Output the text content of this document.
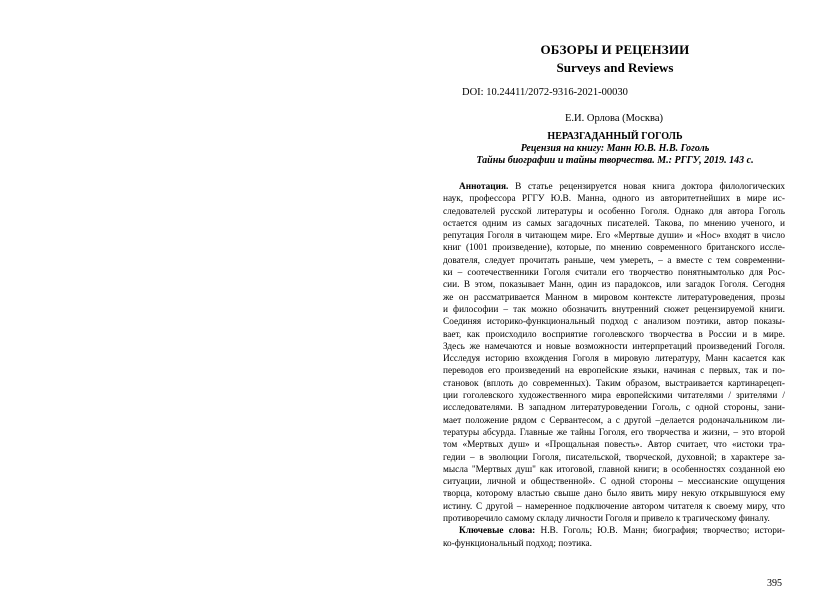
ОБЗОРЫ И РЕЦЕНЗИИ
Surveys and Reviews
DOI: 10.24411/2072-9316-2021-00030
Е.И. Орлова (Москва)
НЕРАЗГАДАННЫЙ ГОГОЛЬ
Рецензия на книгу: Манн Ю.В. Н.В. Гоголь
Тайны биографии и тайны творчества. М.: РГГУ, 2019. 143 с.
Аннотация. В статье рецензируется новая книга доктора филологических
наук, профессора РГГУ Ю.В. Манна, одного из авторитетнейших в мире ис-
следователей русской литературы и особенно Гоголя. Однако для автора Гоголь
остается одним из самых загадочных писателей. Такова, по мнению ученого, и
репутация Гоголя в читающем мире. Его «Мертвые души» и «Нос» входят в число
книг (1001 произведение), которые, по мнению современного британского иссле-
дователя, следует прочитать раньше, чем умереть, – а вместе с тем современни-
ки – соотечественники Гоголя считали его творчество понятнымтолько для Рос-
сии. В этом, показывает Манн, один из парадоксов, или загадок Гоголя. Сегодня
же он рассматривается Манном в мировом контексте литературоведения, прозы
и философии – так можно обозначить внутренний сюжет рецензируемой книги.
Соединяя историко-функциональный подход с анализом поэтики, автор показы-
вает, как происходило восприятие гоголевского творчества в России и в мире.
Здесь же намечаются и новые возможности интерпретаций произведений Гоголя.
Исследуя историю вхождения Гоголя в мировую литературу, Манн касается как
переводов его произведений на европейские языки, начиная с первых, так и по-
становок (вплоть до современных). Таким образом, выстраивается картинарецеп-
ции гоголевского художественного мира европейскими читателями / зрителями /
исследователями. В западном литературоведении Гоголь, с одной стороны, зани-
мает положение рядом с Сервантесом, а с другой –делается родоначальником ли-
тературы абсурда. Главные же тайны Гоголя, его творчества и жизни, – это второй
том «Мертвых душ» и «Прощальная повесть». Автор считает, что «истоки тра-
гедии – в эволюции Гоголя, писательской, творческой, духовной; в характере за-
мысла "Мертвых душ" как итоговой, главной книги; в особенностях созданной ею
ситуации, личной и общественной». С одной стороны – мессианские ощущения
творца, которому властью свыше дано было явить миру некую открывшуюся ему
истину. С другой – намеренное подключение автором читателя к своему миру, что
противоречило самому складу личности Гоголя и привело к трагическому финалу.
Ключевые слова: Н.В. Гоголь; Ю.В. Манн; биография; творчество; истори-
ко-функциональный подход; поэтика.
395
